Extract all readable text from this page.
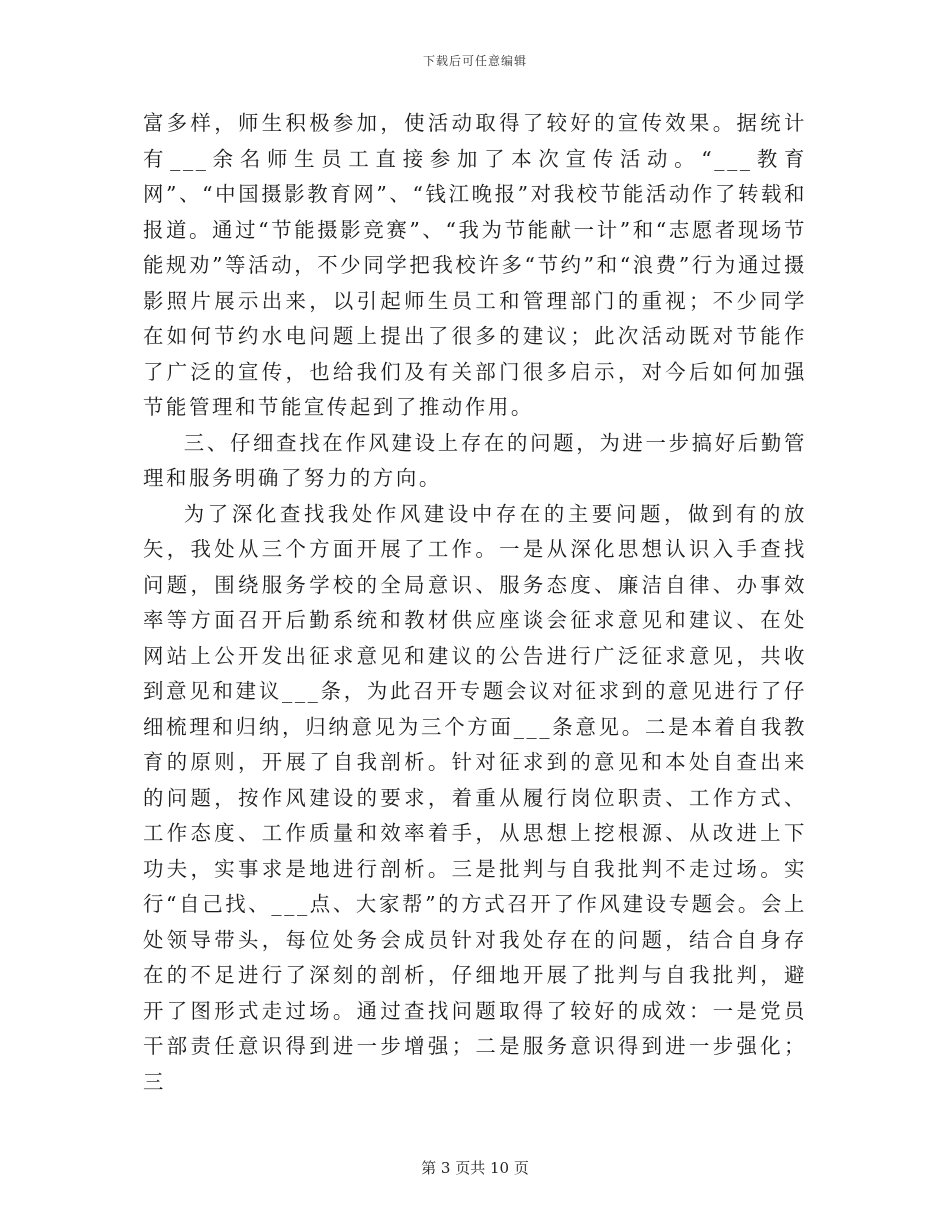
下载后可任意编辑

富多样，师生积极参加，使活动取得了较好的宣传效果。据统计有___余名师生员工直接参加了本次宣传活动。“___教育网”、“中国摄影教育网”、“钱江晚报”对我校节能活动作了转载和报道。通过“节能摄影竞赛”、“我为节能献一计”和“志愿者现场节能规劝”等活动，不少同学把我校许多“节约”和“浪费”行为通过摄影照片展示出来，以引起师生员工和管理部门的重视；不少同学在如何节约水电问题上提出了很多的建议；此次活动既对节能作了广泛的宣传，也给我们及有关部门很多启示，对今后如何加强节能管理和节能宣传起到了推动作用。

三、仔细查找在作风建设上存在的问题，为进一步搞好后勤管理和服务明确了努力的方向。

为了深化查找我处作风建设中存在的主要问题，做到有的放矢，我处从三个方面开展了工作。一是从深化思想认识入手查找问题，围绕服务学校的全局意识、服务态度、廉洁自律、办事效率等方面召开后勤系统和教材供应座谈会征求意见和建议、在处网站上公开发出征求意见和建议的公告进行广泛征求意见，共收到意见和建议___条，为此召开专题会议对征求到的意见进行了仔细梳理和归纳，归纳意见为三个方面___条意见。二是本着自我教育的原则，开展了自我剖析。针对征求到的意见和本处自查出来的问题，按作风建设的要求，着重从履行岗位职责、工作方式、工作态度、工作质量和效率着手，从思想上挖根源、从改进上下功夫，实事求是地进行剖析。三是批判与自我批判不走过场。实行“自己找、___点、大家帮”的方式召开了作风建设专题会。会上处领导带头，每位处务会成员针对我处存在的问题，结合自身存在的不足进行了深刻的剖析，仔细地开展了批判与自我批判，避开了图形式走过场。通过查找问题取得了较好的成效：一是党员干部责任意识得到进一步增强；二是服务意识得到进一步强化；三

第 3 页共 10 页
